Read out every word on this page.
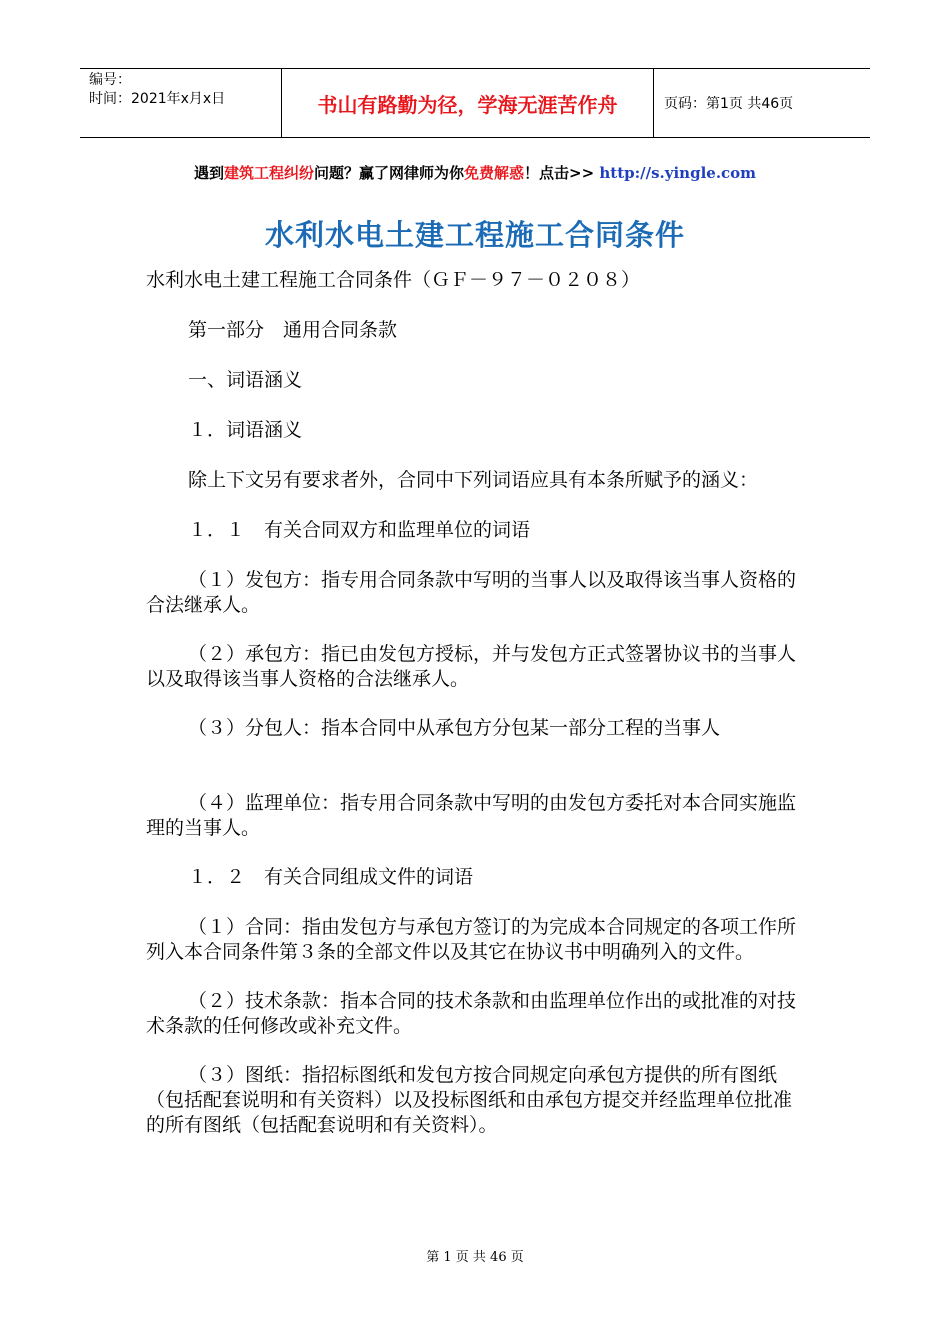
编号：
时间：2021年x月x日	书山有路勤为径，学海无涯苦作舟	页码：第1页 共46页
遇到建筑工程纠纷问题？赢了网律师为你免费解惑！点击>> http://s.yingle.com
水利水电土建工程施工合同条件

水利水电土建工程施工合同条件（ＧＦ－９７－０２０８）

第一部分　通用合同条款

一、词语涵义

１．词语涵义

除上下文另有要求者外，合同中下列词语应具有本条所赋予的涵义：

１．１　有关合同双方和监理单位的词语

（１）发包方：指专用合同条款中写明的当事人以及取得该当事人资格的合法继承人。

（２）承包方：指已由发包方授标，并与发包方正式签署协议书的当事人以及取得该当事人资格的合法继承人。

（３）分包人：指本合同中从承包方分包某一部分工程的当事人

（４）监理单位：指专用合同条款中写明的由发包方委托对本合同实施监理的当事人。

１．２　有关合同组成文件的词语

（１）合同：指由发包方与承包方签订的为完成本合同规定的各项工作所列入本合同条件第３条的全部文件以及其它在协议书中明确列入的文件。

（２）技术条款：指本合同的技术条款和由监理单位作出的或批准的对技术条款的任何修改或补充文件。

（３）图纸：指招标图纸和发包方按合同规定向承包方提供的所有图纸（包括配套说明和有关资料）以及投标图纸和由承包方提交并经监理单位批准的所有图纸（包括配套说明和有关资料）。

第 1 页 共 46 页
